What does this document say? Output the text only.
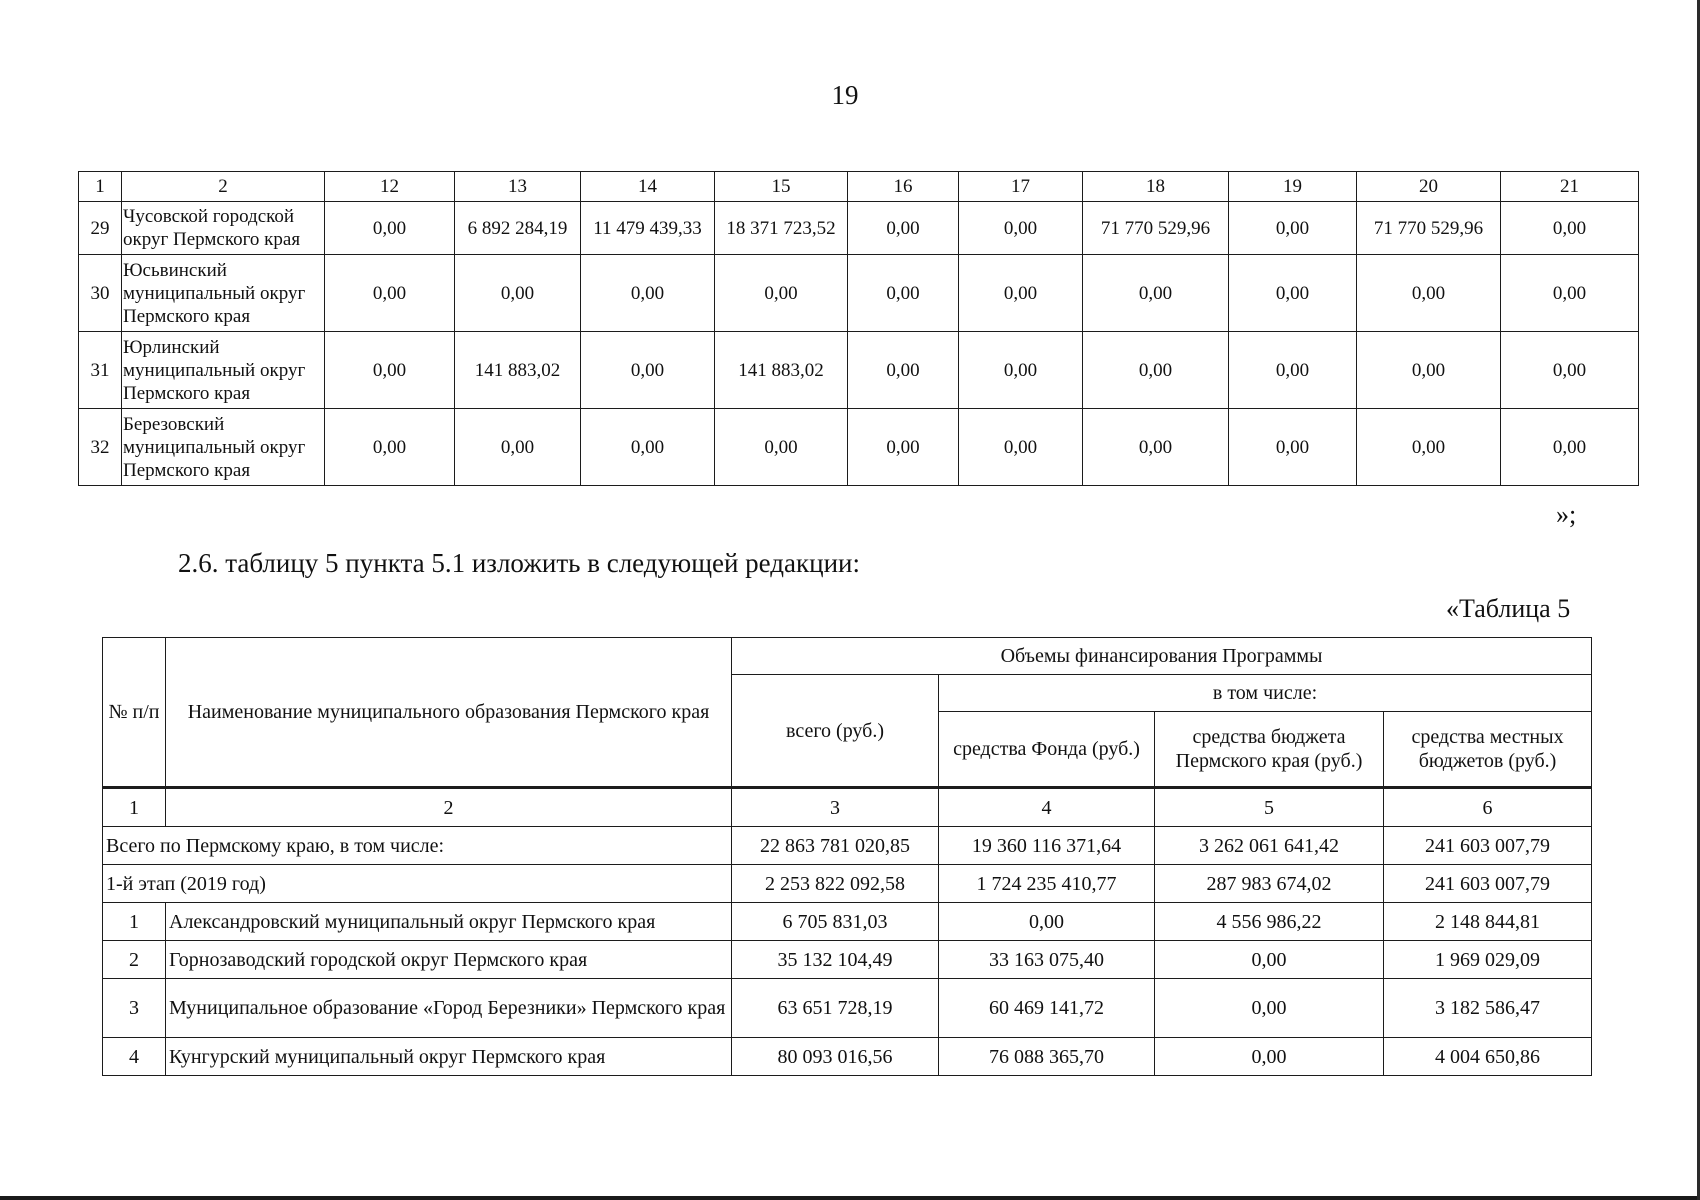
19
1	2	12	13	14	15	16	17	18	19	20	21
29	Чусовской городской округ Пермского края	0,00	6 892 284,19	11 479 439,33	18 371 723,52	0,00	0,00	71 770 529,96	0,00	71 770 529,96	0,00
30	Юсьвинский муниципальный округ Пермского края	0,00	0,00	0,00	0,00	0,00	0,00	0,00	0,00	0,00	0,00
31	Юрлинский муниципальный округ Пермского края	0,00	141 883,02	0,00	141 883,02	0,00	0,00	0,00	0,00	0,00	0,00
32	Березовский муниципальный округ Пермского края	0,00	0,00	0,00	0,00	0,00	0,00	0,00	0,00	0,00	0,00
»;
2.6. таблицу 5 пункта 5.1 изложить в следующей редакции:
«Таблица 5
№ п/п	Наименование муниципального образования Пермского края	Объемы финансирования Программы			
		всего (руб.)	в том числе:		
			средства Фонда (руб.)	средства бюджета Пермского края (руб.)	средства местных бюджетов (руб.)
1	2	3	4	5	6
Всего по Пермскому краю, в том числе:		22 863 781 020,85	19 360 116 371,64	3 262 061 641,42	241 603 007,79
1-й этап (2019 год)		2 253 822 092,58	1 724 235 410,77	287 983 674,02	241 603 007,79
1	Александровский муниципальный округ Пермского края	6 705 831,03	0,00	4 556 986,22	2 148 844,81
2	Горнозаводский городской округ Пермского края	35 132 104,49	33 163 075,40	0,00	1 969 029,09
3	Муниципальное образование «Город Березники» Пермского края	63 651 728,19	60 469 141,72	0,00	3 182 586,47
4	Кунгурский муниципальный округ Пермского края	80 093 016,56	76 088 365,70	0,00	4 004 650,86
